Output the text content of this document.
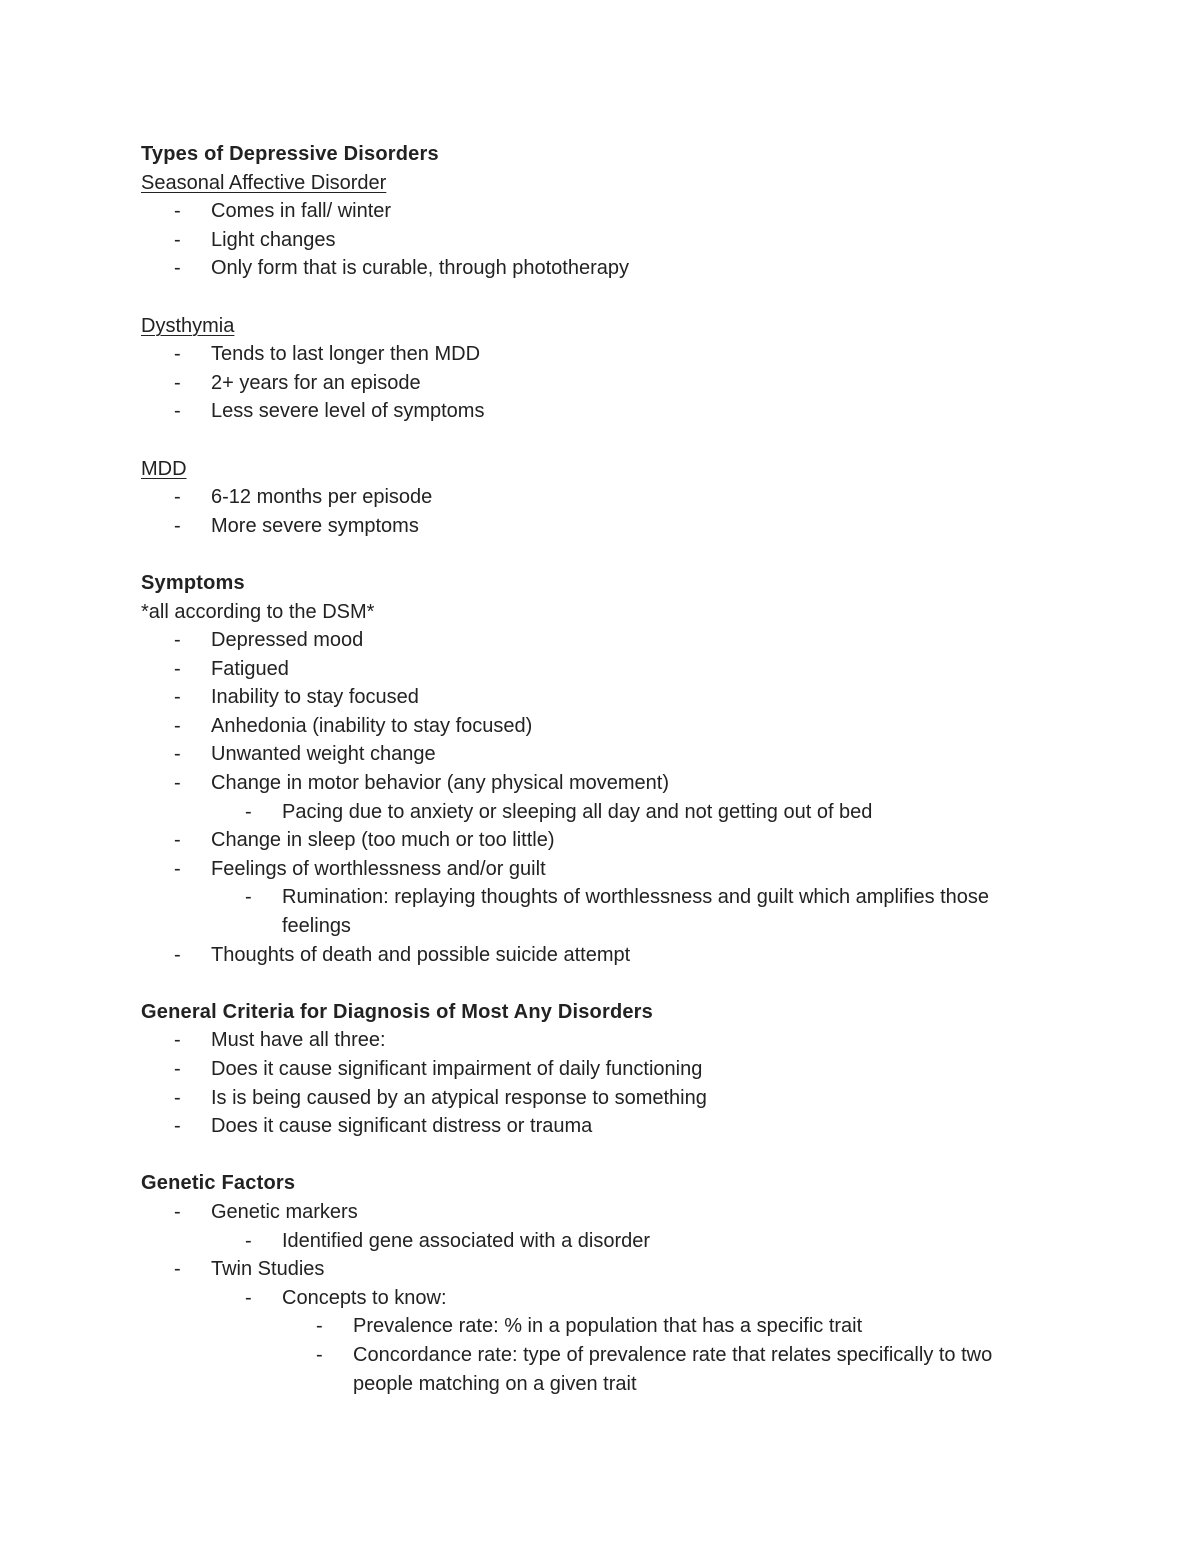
Types of Depressive Disorders
Seasonal Affective Disorder
-	Comes in fall/ winter
-	Light changes
-	Only form that is curable, through phototherapy
Dysthymia
-	Tends to last longer then MDD
-	2+ years for an episode
-	Less severe level of symptoms
MDD
-	6-12 months per episode
-	More severe symptoms
Symptoms
*all according to the DSM*
-	Depressed mood
-	Fatigued
-	Inability to stay focused
-	Anhedonia (inability to stay focused)
-	Unwanted weight change
-	Change in motor behavior (any physical movement)
-	Pacing due to anxiety or sleeping all day and not getting out of bed
-	Change in sleep (too much or too little)
-	Feelings of worthlessness and/or guilt
-	Rumination: replaying thoughts of worthlessness and guilt which amplifies those
feelings
-	Thoughts of death and possible suicide attempt
General Criteria for Diagnosis of Most Any Disorders
-	Must have all three:
-	Does it cause significant impairment of daily functioning
-	Is is being caused by an atypical response to something
-	Does it cause significant distress or trauma
Genetic Factors
-	Genetic markers
-	Identified gene associated with a disorder
-	Twin Studies
-	Concepts to know:
-	Prevalence rate: % in a population that has a specific trait
-	Concordance rate: type of prevalence rate that relates specifically to two
people matching on a given trait
